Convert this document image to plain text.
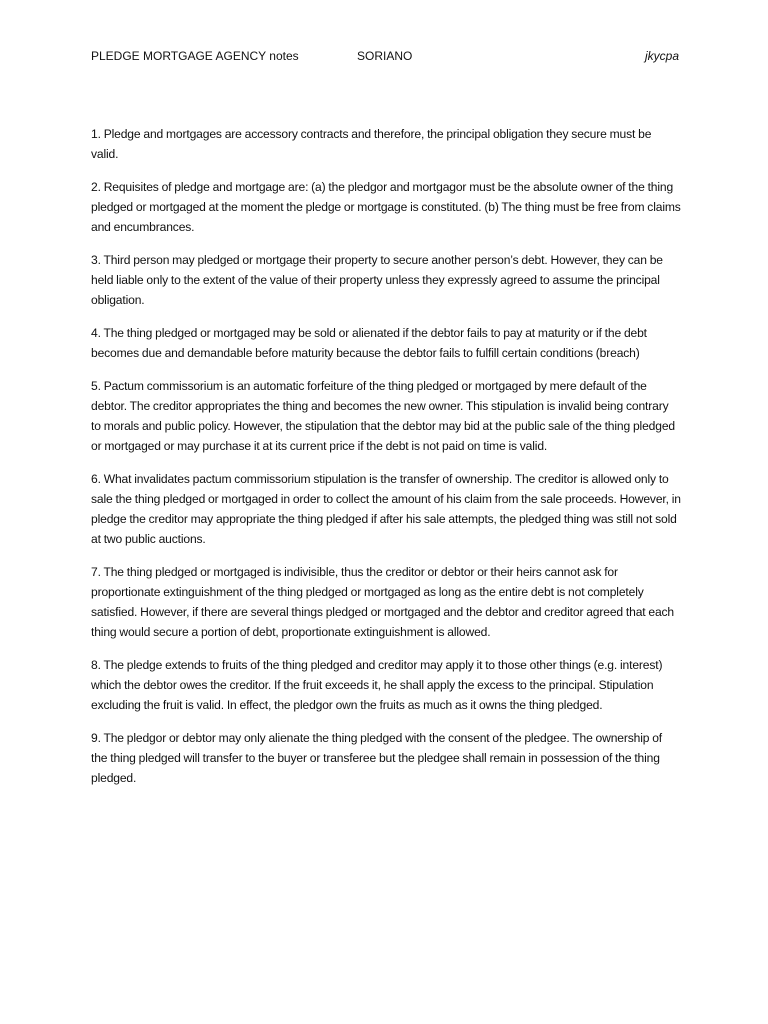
PLEDGE MORTGAGE AGENCY notes	SORIANO	jkycpa

1. Pledge and mortgages are accessory contracts and therefore, the principal obligation they secure must be valid.

2. Requisites of pledge and mortgage are: (a) the pledgor and mortgagor must be the absolute owner of the thing pledged or mortgaged at the moment the pledge or mortgage is constituted. (b) The thing must be free from claims and encumbrances.

3. Third person may pledged or mortgage their property to secure another person’s debt. However, they can be held liable only to the extent of the value of their property unless they expressly agreed to assume the principal obligation.

4. The thing pledged or mortgaged may be sold or alienated if the debtor fails to pay at maturity or if the debt becomes due and demandable before maturity because the debtor fails to fulfill certain conditions (breach)

5. Pactum commissorium is an automatic forfeiture of the thing pledged or mortgaged by mere default of the debtor. The creditor appropriates the thing and becomes the new owner. This stipulation is invalid being contrary to morals and public policy. However, the stipulation that the debtor may bid at the public sale of the thing pledged or mortgaged or may purchase it at its current price if the debt is not paid on time is valid.

6. What invalidates pactum commissorium stipulation is the transfer of ownership. The creditor is allowed only to sale the thing pledged or mortgaged in order to collect the amount of his claim from the sale proceeds. However, in pledge the creditor may appropriate the thing pledged if after his sale attempts, the pledged thing was still not sold at two public auctions.

7. The thing pledged or mortgaged is indivisible, thus the creditor or debtor or their heirs cannot ask for proportionate extinguishment of the thing pledged or mortgaged as long as the entire debt is not completely satisfied. However, if there are several things pledged or mortgaged and the debtor and creditor agreed that each thing would secure a portion of debt, proportionate extinguishment is allowed.

8. The pledge extends to fruits of the thing pledged and creditor may apply it to those other things (e.g. interest) which the debtor owes the creditor. If the fruit exceeds it, he shall apply the excess to the principal. Stipulation excluding the fruit is valid. In effect, the pledgor own the fruits as much as it owns the thing pledged.

9. The pledgor or debtor may only alienate the thing pledged with the consent of the pledgee. The ownership of the thing pledged will transfer to the buyer or transferee but the pledgee shall remain in possession of the thing pledged.
